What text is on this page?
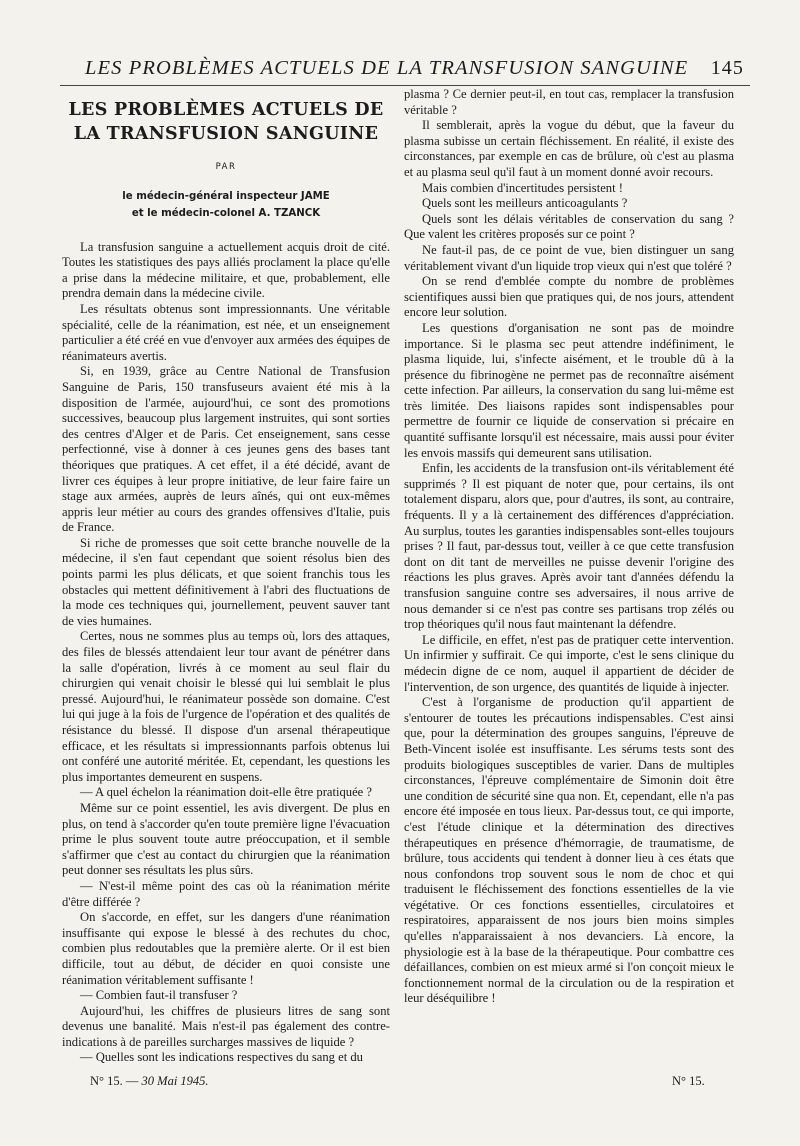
LES PROBLÈMES ACTUELS DE LA TRANSFUSION SANGUINE 145
LES PROBLÈMES ACTUELS DE
LA TRANSFUSION SANGUINE
PAR
le médecin-général inspecteur JAME
et le médecin-colonel A. TZANCK

La transfusion sanguine a actuellement acquis droit de cité. Toutes les statistiques des pays alliés proclament la place qu'elle a prise dans la médecine militaire, et que, probablement, elle prendra demain dans la médecine civile.

Les résultats obtenus sont impressionnants. Une véritable spécialité, celle de la réanimation, est née, et un enseignement particulier a été créé en vue d'envoyer aux armées des équipes de réanimateurs avertis.

Si, en 1939, grâce au Centre National de Transfusion Sanguine de Paris, 150 transfuseurs avaient été mis à la disposition de l'armée, aujourd'hui, ce sont des promotions successives, beaucoup plus largement instruites, qui sont sorties des centres d'Alger et de Paris. Cet enseignement, sans cesse perfectionné, vise à donner à ces jeunes gens des bases tant théoriques que pratiques. A cet effet, il a été décidé, avant de livrer ces équipes à leur propre initiative, de leur faire faire un stage aux armées, auprès de leurs aînés, qui ont eux-mêmes appris leur métier au cours des grandes offensives d'Italie, puis de France.

Si riche de promesses que soit cette branche nouvelle de la médecine, il s'en faut cependant que soient résolus bien des points parmi les plus délicats, et que soient franchis tous les obstacles qui mettent définitivement à l'abri des fluctuations de la mode ces techniques qui, journellement, peuvent sauver tant de vies humaines.

Certes, nous ne sommes plus au temps où, lors des attaques, des files de blessés attendaient leur tour avant de pénétrer dans la salle d'opération, livrés à ce moment au seul flair du chirurgien qui venait choisir le blessé qui lui semblait le plus pressé. Aujourd'hui, le réanimateur possède son domaine. C'est lui qui juge à la fois de l'urgence de l'opération et des qualités de résistance du blessé. Il dispose d'un arsenal thérapeutique efficace, et les résultats si impressionnants parfois obtenus lui ont conféré une autorité méritée. Et, cependant, les questions les plus importantes demeurent en suspens.

— A quel échelon la réanimation doit-elle être pratiquée ?

Même sur ce point essentiel, les avis divergent. De plus en plus, on tend à s'accorder qu'en toute première ligne l'évacuation prime le plus souvent toute autre préoccupation, et il semble s'affirmer que c'est au contact du chirurgien que la réanimation peut donner ses résultats les plus sûrs.

— N'est-il même point des cas où la réanimation mérite d'être différée ?

On s'accorde, en effet, sur les dangers d'une réanimation insuffisante qui expose le blessé à des rechutes du choc, combien plus redoutables que la première alerte. Or il est bien difficile, tout au début, de décider en quoi consiste une réanimation véritablement suffisante !

— Combien faut-il transfuser ?

Aujourd'hui, les chiffres de plusieurs litres de sang sont devenus une banalité. Mais n'est-il pas également des contre-indications à de pareilles surcharges massives de liquide ?

— Quelles sont les indications respectives du sang et du

plasma ? Ce dernier peut-il, en tout cas, remplacer la transfusion véritable ?

Il semblerait, après la vogue du début, que la faveur du plasma subisse un certain fléchissement. En réalité, il existe des circonstances, par exemple en cas de brûlure, où c'est au plasma et au plasma seul qu'il faut à un moment donné avoir recours.

Mais combien d'incertitudes persistent !

Quels sont les meilleurs anticoagulants ?

Quels sont les délais véritables de conservation du sang ? Que valent les critères proposés sur ce point ?

Ne faut-il pas, de ce point de vue, bien distinguer un sang véritablement vivant d'un liquide trop vieux qui n'est que toléré ?

On se rend d'emblée compte du nombre de problèmes scientifiques aussi bien que pratiques qui, de nos jours, attendent encore leur solution.

Les questions d'organisation ne sont pas de moindre importance. Si le plasma sec peut attendre indéfiniment, le plasma liquide, lui, s'infecte aisément, et le trouble dû à la présence du fibrinogène ne permet pas de reconnaître aisément cette infection. Par ailleurs, la conservation du sang lui-même est très limitée. Des liaisons rapides sont indispensables pour permettre de fournir ce liquide de conservation si précaire en quantité suffisante lorsqu'il est nécessaire, mais aussi pour éviter les envois massifs qui demeurent sans utilisation.

Enfin, les accidents de la transfusion ont-ils véritablement été supprimés ? Il est piquant de noter que, pour certains, ils ont totalement disparu, alors que, pour d'autres, ils sont, au contraire, fréquents. Il y a là certainement des différences d'appréciation. Au surplus, toutes les garanties indispensables sont-elles toujours prises ? Il faut, par-dessus tout, veiller à ce que cette transfusion dont on dit tant de merveilles ne puisse devenir l'origine des réactions les plus graves. Après avoir tant d'années défendu la transfusion sanguine contre ses adversaires, il nous arrive de nous demander si ce n'est pas contre ses partisans trop zélés ou trop théoriques qu'il nous faut maintenant la défendre.

Le difficile, en effet, n'est pas de pratiquer cette intervention. Un infirmier y suffirait. Ce qui importe, c'est le sens clinique du médecin digne de ce nom, auquel il appartient de décider de l'intervention, de son urgence, des quantités de liquide à injecter.

C'est à l'organisme de production qu'il appartient de s'entourer de toutes les précautions indispensables. C'est ainsi que, pour la détermination des groupes sanguins, l'épreuve de Beth-Vincent isolée est insuffisante. Les sérums tests sont des produits biologiques susceptibles de varier. Dans de multiples circonstances, l'épreuve complémentaire de Simonin doit être une condition de sécurité sine qua non. Et, cependant, elle n'a pas encore été imposée en tous lieux. Par-dessus tout, ce qui importe, c'est l'étude clinique et la détermination des directives thérapeutiques en présence d'hémorragie, de traumatisme, de brûlure, tous accidents qui tendent à donner lieu à ces états que nous confondons trop souvent sous le nom de choc et qui traduisent le fléchissement des fonctions essentielles de la vie végétative. Or ces fonctions essentielles, circulatoires et respiratoires, apparaissent de nos jours bien moins simples qu'elles n'apparaissaient à nos devanciers. Là encore, la physiologie est à la base de la thérapeutique. Pour combattre ces défaillances, combien on est mieux armé si l'on conçoit mieux le fonctionnement normal de la circulation ou de la respiration et leur déséquilibre !

N° 15. — 30 Mai 1945.	N° 15.
